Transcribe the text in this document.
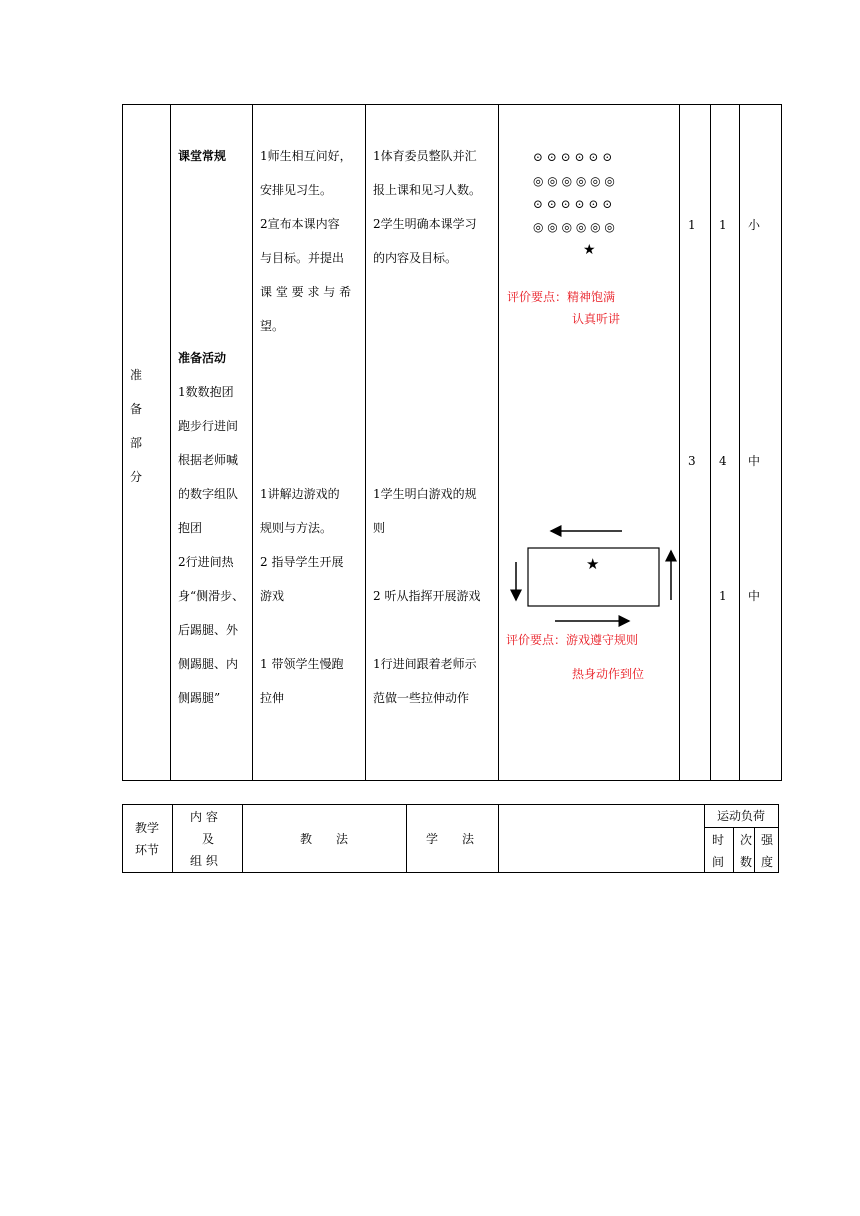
准
备
部
分
课堂常规
准备活动
1数数抱团
跑步行进间
根据老师喊
的数字组队
抱团
2行进间热
身“侧滑步、
后踢腿、外
侧踢腿、内
侧踢腿”
1师生相互问好，
安排见习生。
2宣布本课内容
与目标。并提出
课 堂 要 求 与 希
望。
1讲解边游戏的
规则与方法。
2 指导学生开展
游戏
1 带领学生慢跑
拉伸
1体育委员整队并汇
报上课和见习人数。
2学生明确本课学习
的内容及目标。
1学生明白游戏的规
则
2 听从指挥开展游戏
1行进间跟着老师示
范做一些拉伸动作
⊙ ⊙ ⊙ ⊙ ⊙ ⊙
◎ ◎ ◎ ◎ ◎ ◎
⊙ ⊙ ⊙ ⊙ ⊙ ⊙
◎ ◎ ◎ ◎ ◎ ◎
★
评价要点：精神饱满
认真听讲
★
评价要点：游戏遵守规则
热身动作到位
1 1 小
3 4 中
1 中
教学
环节
内 容
及
组 织
教　　法	学　　法
运动负荷
时
间
次
数
强
度
